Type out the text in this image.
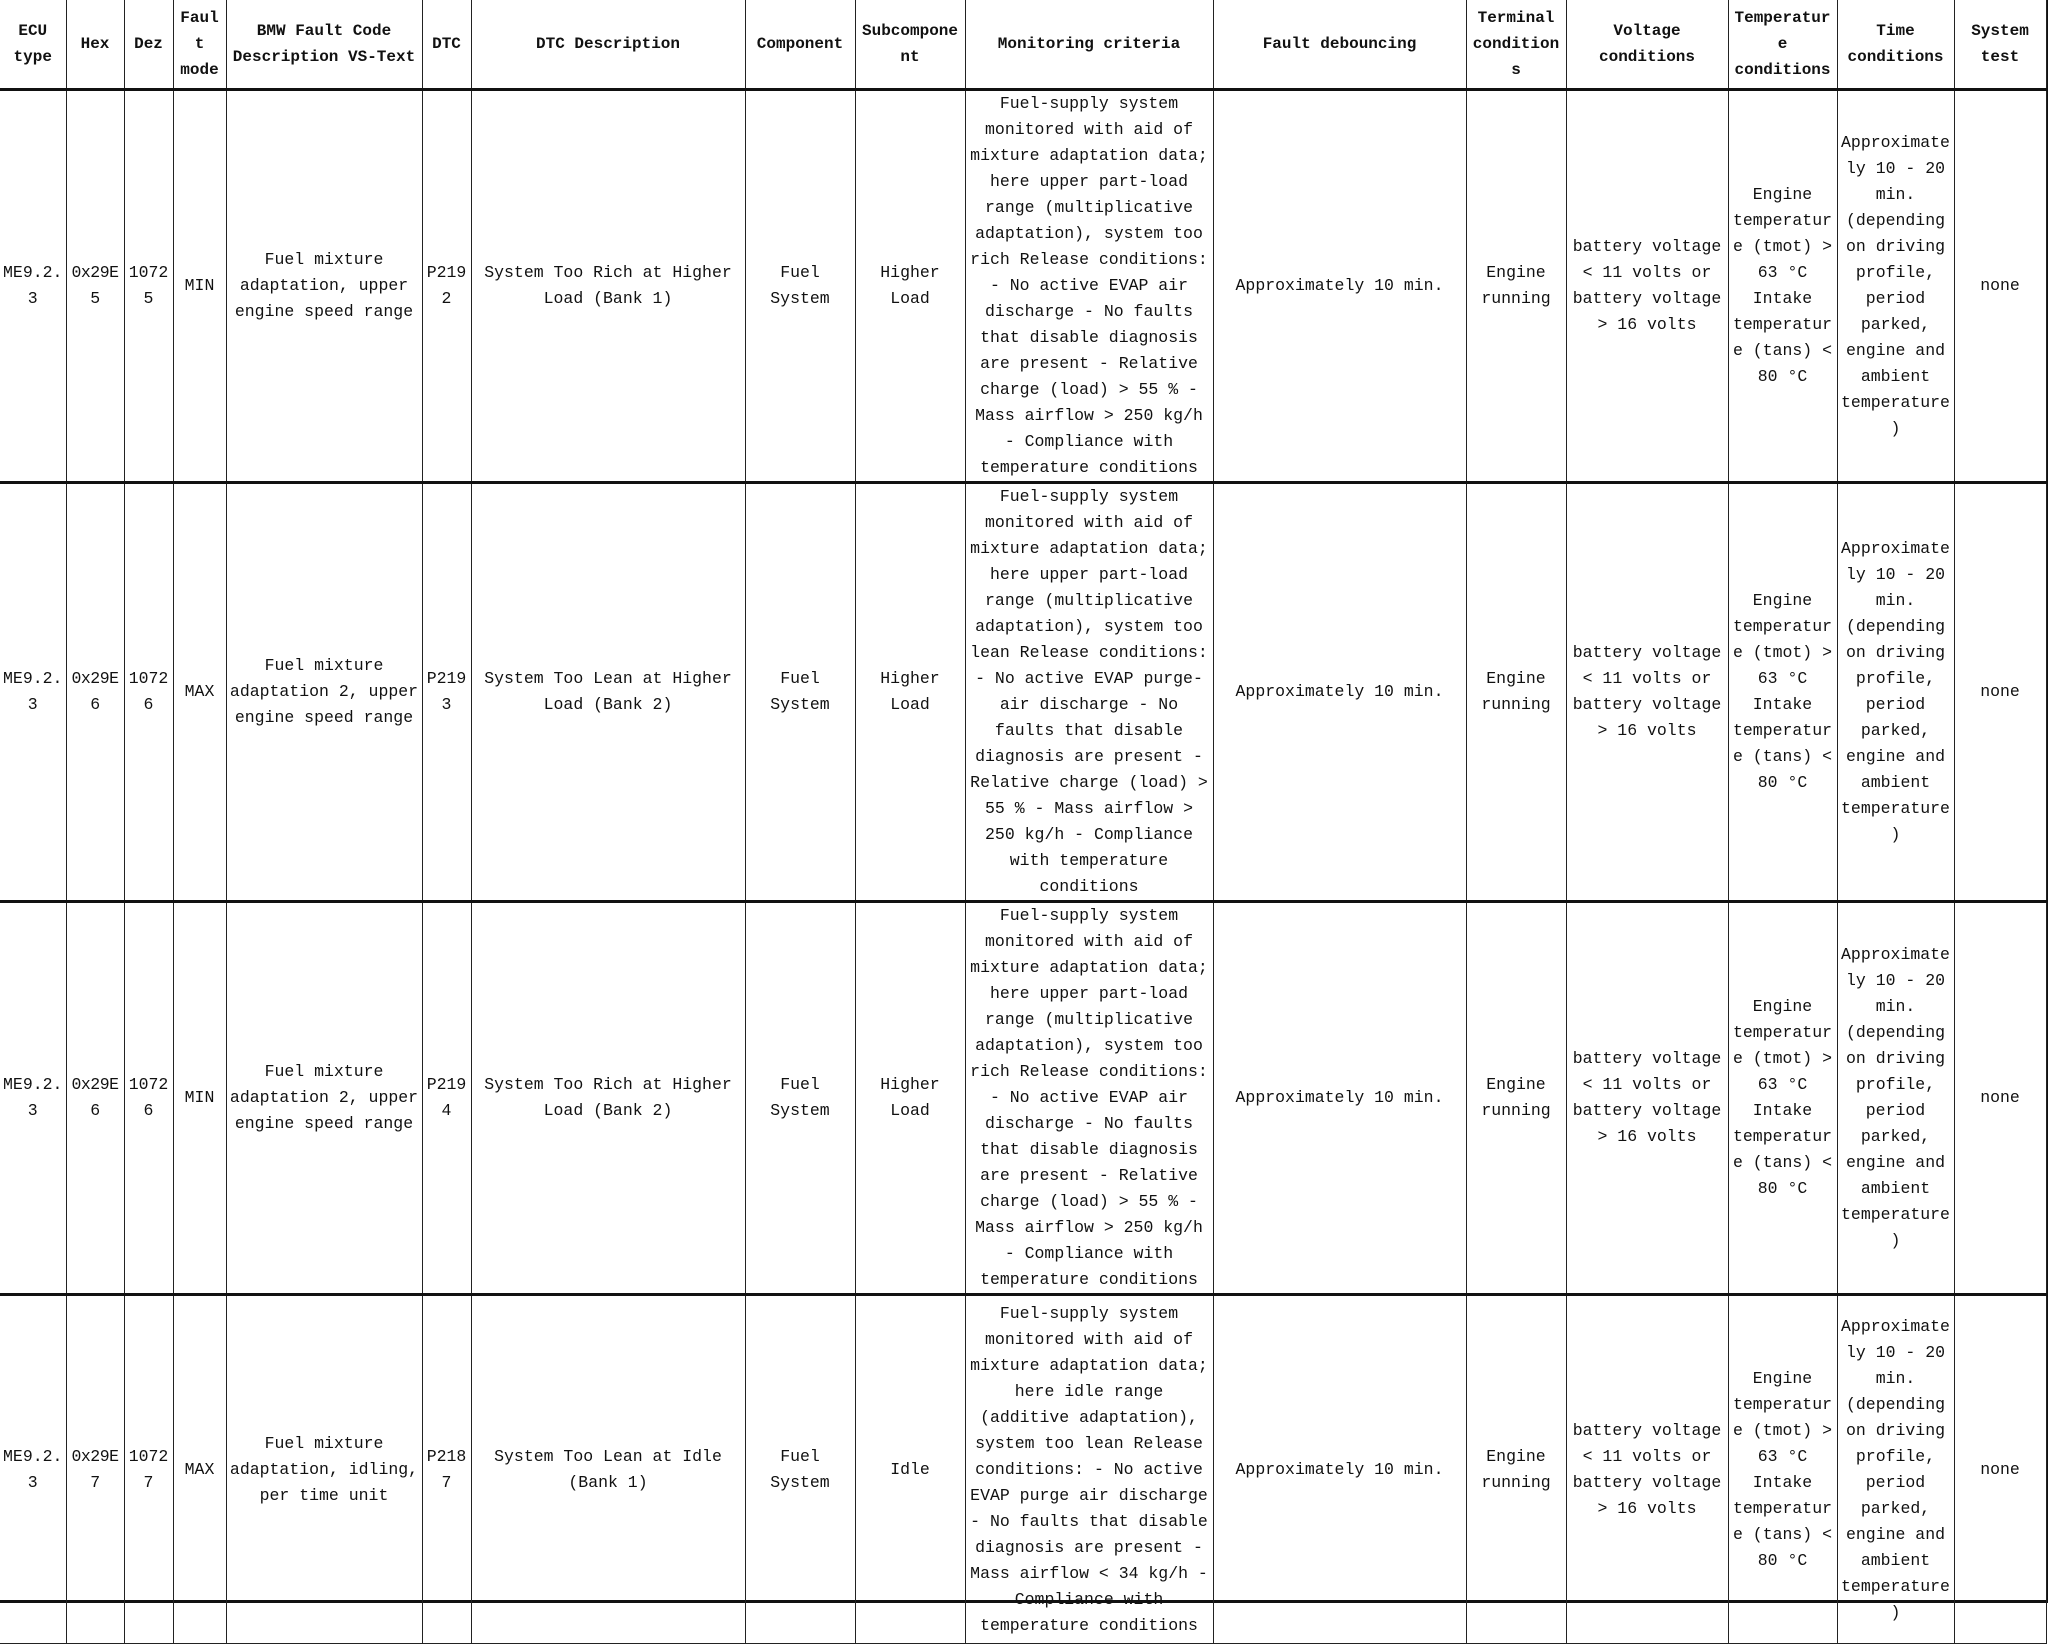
ECU type	Hex	Dez	Fault mode	BMW Fault Code Description VS-Text	DTC	DTC Description	Component	Subcomponent	Monitoring criteria	Fault debouncing	Terminal conditions	Voltage conditions	Temperature conditions	Time conditions	System test
ME9.2.3	0x29E5	10725	MIN	Fuel mixture adaptation, upper engine speed range	P2192	System Too Rich at Higher Load (Bank 1)	Fuel System	Higher Load	Fuel-supply system monitored with aid of mixture adaptation data; here upper part-load range (multiplicative adaptation), system too rich Release conditions: - No active EVAP air discharge - No faults that disable diagnosis are present - Relative charge (load) > 55 % - Mass airflow > 250 kg/h - Compliance with temperature conditions	Approximately 10 min.	Engine running	battery voltage < 11 volts or battery voltage > 16 volts	Engine temperature (tmot) > 63 °C Intake temperature (tans) < 80 °C	Approximately 10 - 20 min. (depending on driving profile, period parked, engine and ambient temperature)	none
ME9.2.3	0x29E6	10726	MAX	Fuel mixture adaptation 2, upper engine speed range	P2193	System Too Lean at Higher Load (Bank 2)	Fuel System	Higher Load	Fuel-supply system monitored with aid of mixture adaptation data; here upper part-load range (multiplicative adaptation), system too lean Release conditions: - No active EVAP purge-air discharge - No faults that disable diagnosis are present - Relative charge (load) > 55 % - Mass airflow > 250 kg/h - Compliance with temperature conditions	Approximately 10 min.	Engine running	battery voltage < 11 volts or battery voltage > 16 volts	Engine temperature (tmot) > 63 °C Intake temperature (tans) < 80 °C	Approximately 10 - 20 min. (depending on driving profile, period parked, engine and ambient temperature)	none
ME9.2.3	0x29E6	10726	MIN	Fuel mixture adaptation 2, upper engine speed range	P2194	System Too Rich at Higher Load (Bank 2)	Fuel System	Higher Load	Fuel-supply system monitored with aid of mixture adaptation data; here upper part-load range (multiplicative adaptation), system too rich Release conditions: - No active EVAP air discharge - No faults that disable diagnosis are present - Relative charge (load) > 55 % - Mass airflow > 250 kg/h - Compliance with temperature conditions	Approximately 10 min.	Engine running	battery voltage < 11 volts or battery voltage > 16 volts	Engine temperature (tmot) > 63 °C Intake temperature (tans) < 80 °C	Approximately 10 - 20 min. (depending on driving profile, period parked, engine and ambient temperature)	none
ME9.2.3	0x29E7	10727	MAX	Fuel mixture adaptation, idling, per time unit	P2187	System Too Lean at Idle (Bank 1)	Fuel System	Idle	Fuel-supply system monitored with aid of mixture adaptation data; here idle range (additive adaptation), system too lean Release conditions: - No active EVAP purge air discharge - No faults that disable diagnosis are present - Mass airflow < 34 kg/h - Compliance with temperature conditions	Approximately 10 min.	Engine running	battery voltage < 11 volts or battery voltage > 16 volts	Engine temperature (tmot) > 63 °C Intake temperature (tans) < 80 °C	Approximately 10 - 20 min. (depending on driving profile, period parked, engine and ambient temperature)	none
